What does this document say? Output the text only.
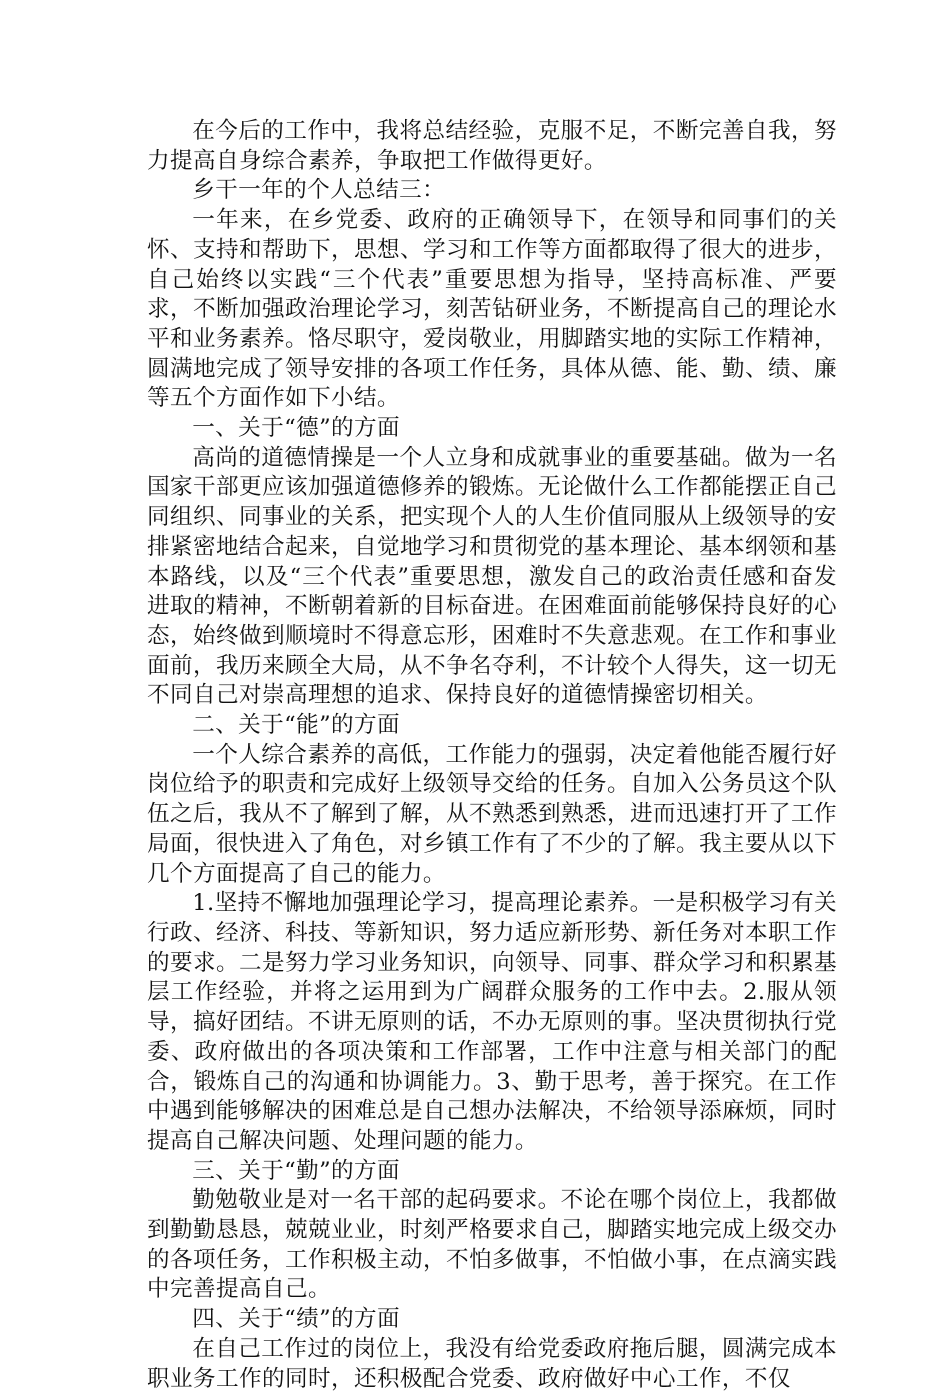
在今后的工作中，我将总结经验，克服不足，不断完善自我，努力提高自身综合素养，争取把工作做得更好。

乡干一年的个人总结三：

一年来，在乡党委、政府的正确领导下，在领导和同事们的关怀、支持和帮助下，思想、学习和工作等方面都取得了很大的进步，自己始终以实践“三个代表”重要思想为指导，坚持高标准、严要求，不断加强政治理论学习，刻苦钻研业务，不断提高自己的理论水平和业务素养。恪尽职守，爱岗敬业，用脚踏实地的实际工作精神，圆满地完成了领导安排的各项工作任务，具体从德、能、勤、绩、廉等五个方面作如下小结。

一、关于“德”的方面

高尚的道德情操是一个人立身和成就事业的重要基础。做为一名国家干部更应该加强道德修养的锻炼。无论做什么工作都能摆正自己同组织、同事业的关系，把实现个人的人生价值同服从上级领导的安排紧密地结合起来，自觉地学习和贯彻党的基本理论、基本纲领和基本路线，以及“三个代表”重要思想，激发自己的政治责任感和奋发进取的精神，不断朝着新的目标奋进。在困难面前能够保持良好的心态，始终做到顺境时不得意忘形，困难时不失意悲观。在工作和事业面前，我历来顾全大局，从不争名夺利，不计较个人得失，这一切无不同自己对崇高理想的追求、保持良好的道德情操密切相关。

二、关于“能”的方面

一个人综合素养的高低，工作能力的强弱，决定着他能否履行好岗位给予的职责和完成好上级领导交给的任务。自加入公务员这个队伍之后，我从不了解到了解，从不熟悉到熟悉，进而迅速打开了工作局面，很快进入了角色，对乡镇工作有了不少的了解。我主要从以下几个方面提高了自己的能力。

1.坚持不懈地加强理论学习，提高理论素养。一是积极学习有关行政、经济、科技、等新知识，努力适应新形势、新任务对本职工作的要求。二是努力学习业务知识，向领导、同事、群众学习和积累基层工作经验，并将之运用到为广阔群众服务的工作中去。2.服从领导，搞好团结。不讲无原则的话，不办无原则的事。坚决贯彻执行党委、政府做出的各项决策和工作部署，工作中注意与相关部门的配合，锻炼自己的沟通和协调能力。3、勤于思考，善于探究。在工作中遇到能够解决的困难总是自己想办法解决，不给领导添麻烦，同时提高自己解决问题、处理问题的能力。

三、关于“勤”的方面

勤勉敬业是对一名干部的起码要求。不论在哪个岗位上，我都做到勤勤恳恳，兢兢业业，时刻严格要求自己，脚踏实地完成上级交办的各项任务，工作积极主动，不怕多做事，不怕做小事，在点滴实践中完善提高自己。

四、关于“绩”的方面

在自己工作过的岗位上，我没有给党委政府拖后腿，圆满完成本职业务工作的同时，还积极配合党委、政府做好中心工作，不仅
